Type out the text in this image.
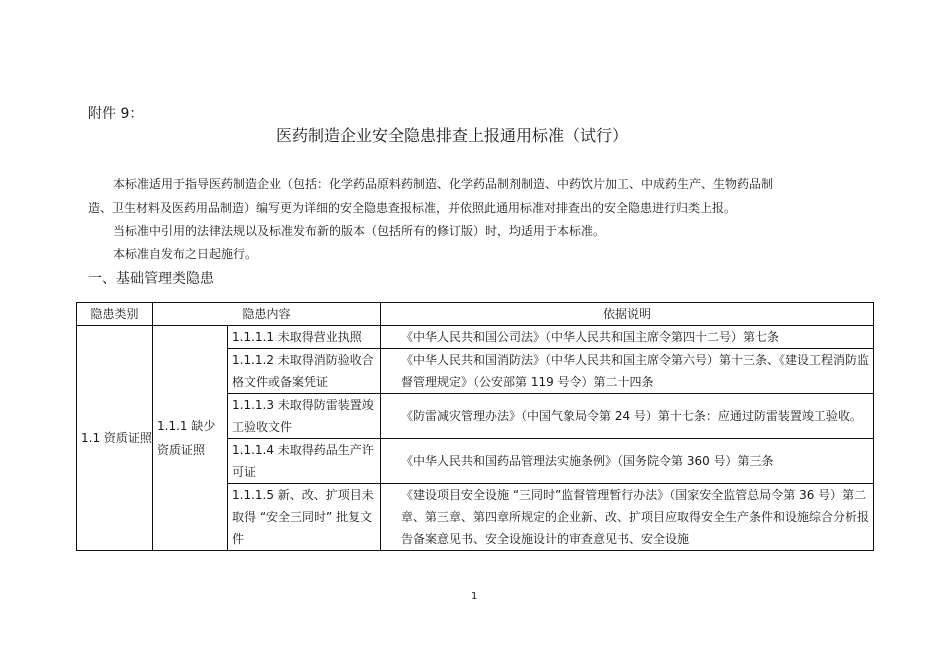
附件 9：
医药制造企业安全隐患排查上报通用标准（试行）
本标准适用于指导医药制造企业（包括：化学药品原料药制造、化学药品制剂制造、中药饮片加工、中成药生产、生物药品制
造、卫生材料及医药用品制造）编写更为详细的安全隐患查报标准，并依照此通用标准对排查出的安全隐患进行归类上报。
当标准中引用的法律法规以及标准发布新的版本（包括所有的修订版）时，均适用于本标准。
本标准自发布之日起施行。
一、基础管理类隐患
隐患类别	隐患内容		依据说明
1.1 资质证照	1.1.1 缺少资质证照	1.1.1.1 未取得营业执照	《中华人民共和国公司法》（中华人民共和国主席令第四十二号）第七条
		1.1.1.2 未取得消防验收合格文件或备案凭证	《中华人民共和国消防法》（中华人民共和国主席令第六号）第十三条、《建设工程消防监督管理规定》（公安部第 119 号令）第二十四条
		1.1.1.3 未取得防雷装置竣工验收文件	《防雷减灾管理办法》（中国气象局令第 24 号）第十七条：应通过防雷装置竣工验收。
		1.1.1.4 未取得药品生产许可证	《中华人民共和国药品管理法实施条例》（国务院令第 360 号）第三条
		1.1.1.5 新、改、扩项目未取得 “安全三同时” 批复文件	《建设项目安全设施 “三同时”监督管理暂行办法》（国家安全监管总局令第 36 号）第二章、第三章、第四章所规定的企业新、改、扩项目应取得安全生产条件和设施综合分析报告备案意见书、安全设施设计的审查意见书、安全设施
1
